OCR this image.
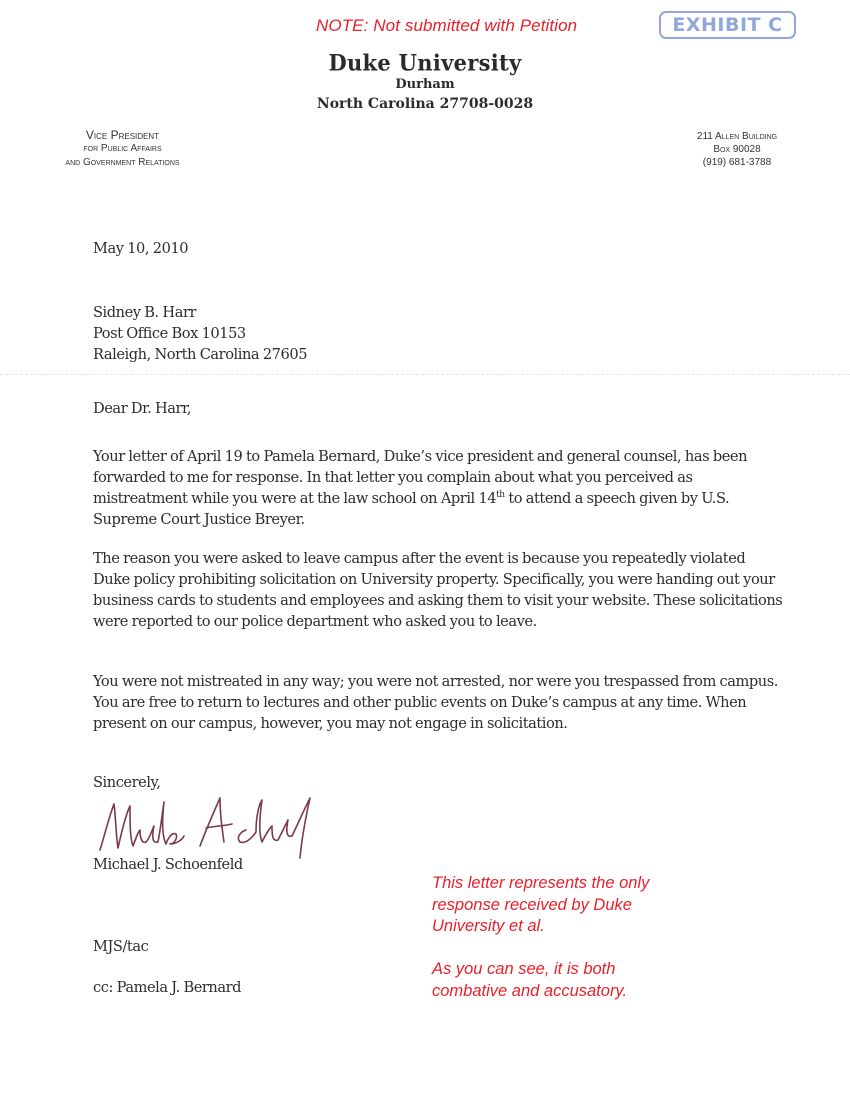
NOTE: Not submitted with Petition	EXHIBIT C
Duke University
Durham
North Carolina 27708-0028
Vice President
for Public Affairs
and Government Relations
211 Allen Building
Box 90028
(919) 681-3788
May 10, 2010
Sidney B. Harr
Post Office Box 10153
Raleigh, North Carolina 27605
Dear Dr. Harr,
Your letter of April 19 to Pamela Bernard, Duke’s vice president and general counsel, has been forwarded to me for response. In that letter you complain about what you perceived as mistreatment while you were at the law school on April 14th to attend a speech given by U.S. Supreme Court Justice Breyer.
The reason you were asked to leave campus after the event is because you repeatedly violated Duke policy prohibiting solicitation on University property. Specifically, you were handing out your business cards to students and employees and asking them to visit your website. These solicitations were reported to our police department who asked you to leave.
You were not mistreated in any way; you were not arrested, nor were you trespassed from campus. You are free to return to lectures and other public events on Duke’s campus at any time. When present on our campus, however, you may not engage in solicitation.
Sincerely,
Michael J. Schoenfeld
MJS/tac
cc: Pamela J. Bernard
This letter represents the only
response received by Duke
University et al.
As you can see, it is both
combative and accusatory.
